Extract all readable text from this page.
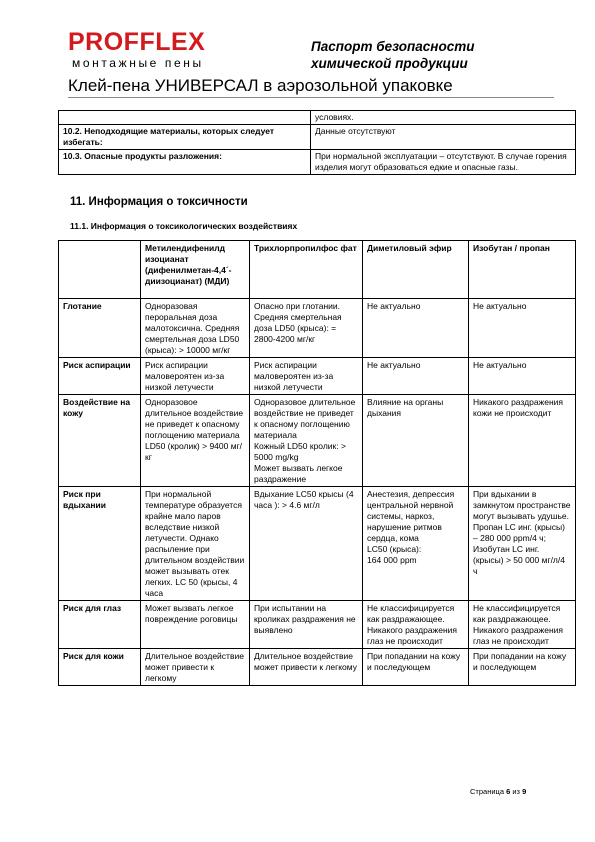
PROFFLEX
монтажные пены
Паспорт безопасности
химической продукции
Клей-пена УНИВЕРСАЛ в аэрозольной упаковке
	условиях.
10.2. Неподходящие материалы, которых следует избегать:	Данные отсутствуют
10.3. Опасные продукты разложения:	При нормальной эксплуатации – отсутствуют. В случае горения изделия могут образоваться едкие и опасные газы.
11. Информация о токсичности
11.1. Информация о токсикологических воздействиях
	Метилендифенилд изоцианат (дифенилметан-4,4´-диизоцианат) (МДИ)	Трихлорпропилфос фат	Диметиловый эфир	Изобутан / пропан
Глотание	Одноразовая пероральная доза малотоксична. Средняя смертельная доза LD50 (крыса): > 10000 мг/кг	Опасно при глотании. Средняя смертельная доза LD50 (крыса): = 2800-4200 мг/кг	Не актуально	Не актуально
Риск аспирации	Риск аспирации маловероятен из-за низкой летучести	Риск аспирации маловероятен из-за низкой летучести	Не актуально	Не актуально
Воздействие на кожу	Одноразовое длительное воздействие не приведет к опасному поглощению материала LD50 (кролик) > 9400 мг/кг	Одноразовое длительное воздействие не приведет к опасному поглощению материала
Кожный LD50 кролик: > 5000 mg/kg
Может вызвать легкое раздражение	Влияние на органы дыхания	Никакого раздражения кожи не происходит
Риск при вдыхании	При нормальной температуре образуется крайне мало паров вследствие низкой летучести. Однако распыление при длительном воздействии может вызывать отек легких. LC 50 (крысы, 4 часа	Вдыхание LC50 крысы (4 часа ): > 4.6 мг/л	Анестезия, депрессия центральной нервной системы, наркоз, нарушение ритмов сердца, кома
LC50 (крыса):
164 000 ppm	При вдыхании в замкнутом пространстве могут вызывать удушье. Пропан LC инг. (крысы) – 280 000 ppm/4 ч;
Изобутан LC инг. (крысы) > 50 000 мг/л/4 ч
Риск для глаз	Может вызвать легкое повреждение роговицы	При испытании на кроликах раздражения не выявлено	Не классифицируется как раздражающее. Никакого раздражения глаз не происходит	Не классифицируется как раздражающее. Никакого раздражения глаз не происходит
Риск для кожи	Длительное воздействие может привести к легкому	Длительное воздействие может привести к легкому	При попадании на кожу и последующем	При попадании на кожу и последующем
Страница 6 из 9
